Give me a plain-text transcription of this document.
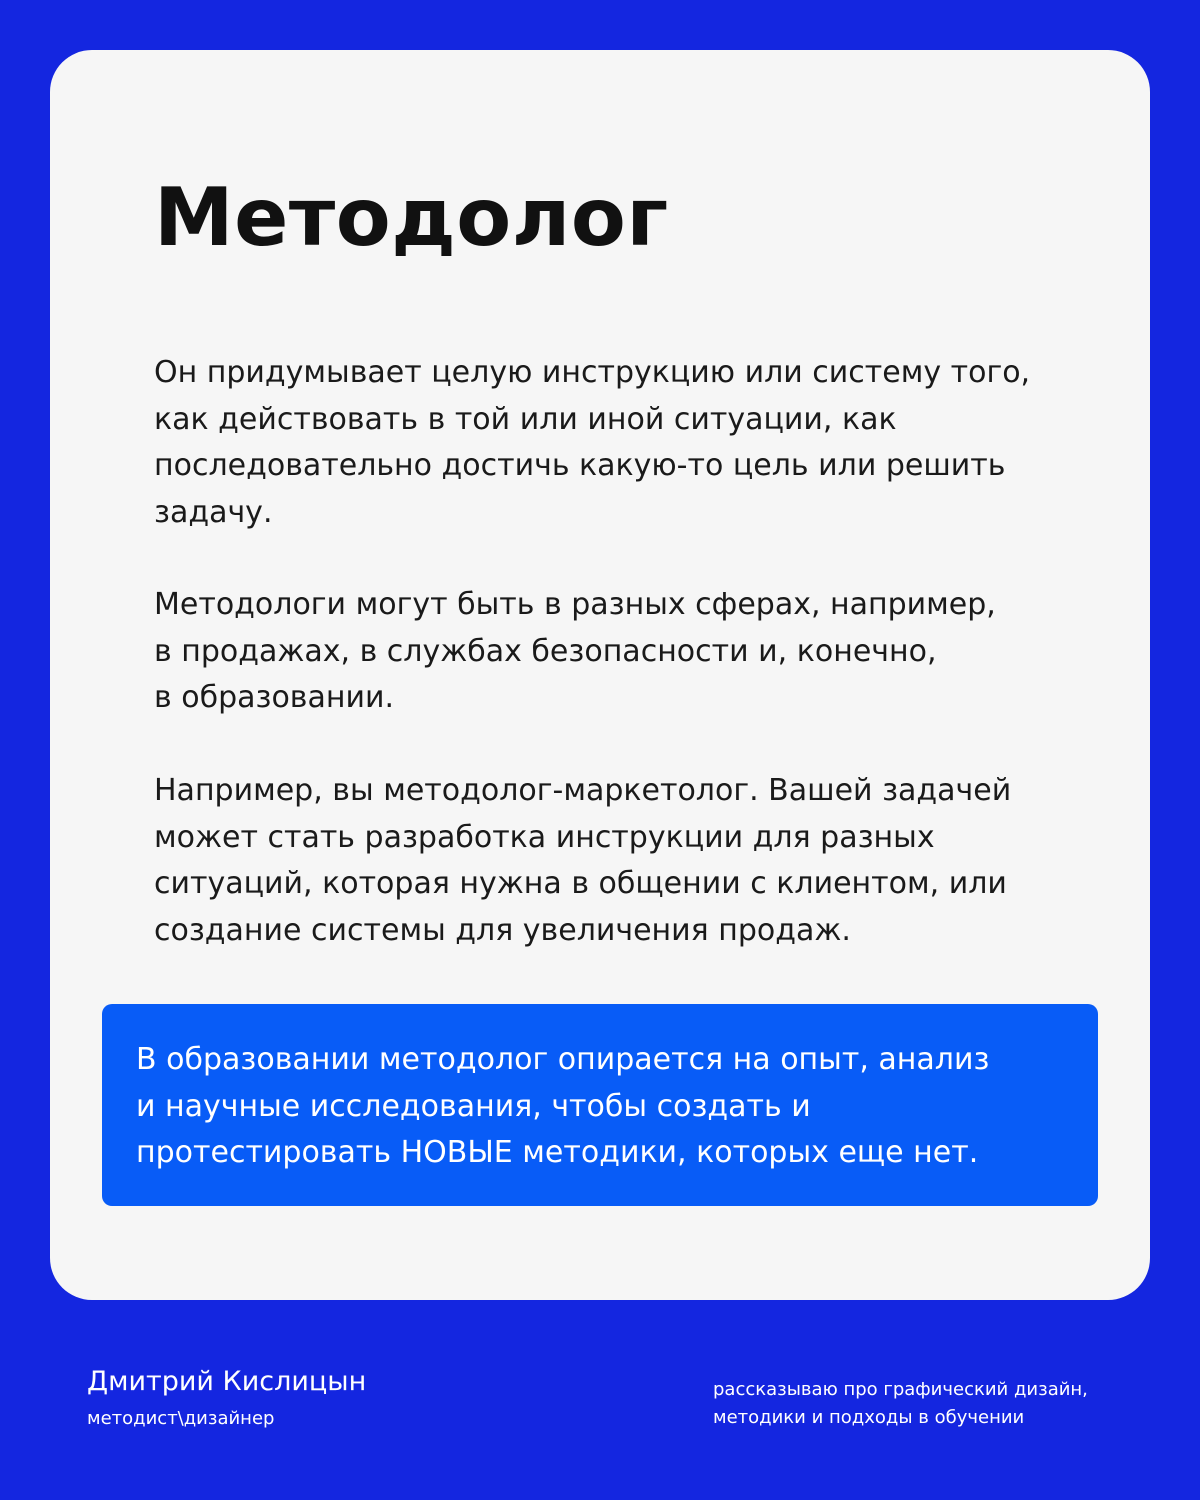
Методолог

Он придумывает целую инструкцию или систему того,
как действовать в той или иной ситуации, как
последовательно достичь какую-то цель или решить
задачу.

Методологи могут быть в разных сферах, например,
в продажах, в службах безопасности и, конечно,
в образовании.

Например, вы методолог-маркетолог. Вашей задачей
может стать разработка инструкции для разных
ситуаций, которая нужна в общении с клиентом, или
создание системы для увеличения продаж.

В образовании методолог опирается на опыт, анализ
и научные исследования, чтобы создать и
протестировать НОВЫЕ методики, которых еще нет.

Дмитрий Кислицын
методист\дизайнер
рассказываю про графический дизайн,
методики и подходы в обучении
